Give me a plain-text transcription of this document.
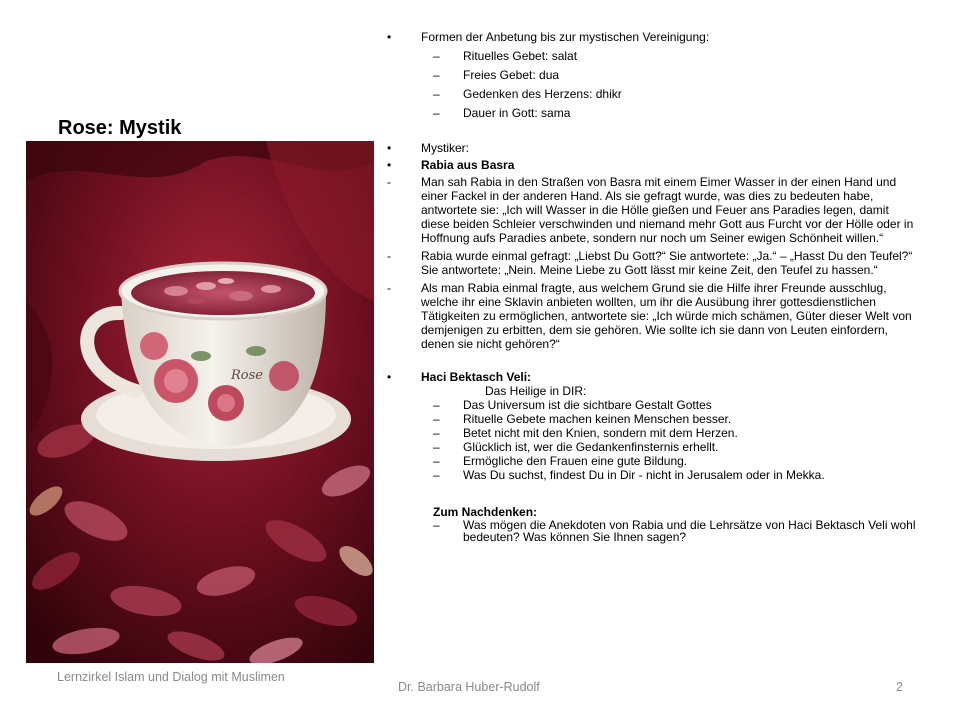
Rose: Mystik
Rose
• Formen der Anbetung bis zur mystischen Vereinigung:
– Rituelles Gebet: salat
– Freies Gebet: dua
– Gedenken des Herzens: dhikr
– Dauer in Gott: sama
• Mystiker:
• Rabia aus Basra
-	Man sah Rabia in den Straßen von Basra mit einem Eimer Wasser in der einen Hand und einer Fackel in der anderen Hand. Als sie gefragt wurde, was dies zu bedeuten habe, antwortete sie: „Ich will Wasser in die Hölle gießen und Feuer ans Paradies legen, damit diese beiden Schleier verschwinden und niemand mehr Gott aus Furcht vor der Hölle oder in Hoffnung aufs Paradies anbete, sondern nur noch um Seiner ewigen Schönheit willen.“
-	Rabia wurde einmal gefragt: „Liebst Du Gott?“ Sie antwortete: „Ja.“ – „Hasst Du den Teufel?“ Sie antwortete: „Nein. Meine Liebe zu Gott lässt mir keine Zeit, den Teufel zu hassen.“
-	Als man Rabia einmal fragte, aus welchem Grund sie die Hilfe ihrer Freunde ausschlug, welche ihr eine Sklavin anbieten wollten, um ihr die Ausübung ihrer gottesdienstlichen Tätigkeiten zu ermöglichen, antwortete sie: „Ich würde mich schämen, Güter dieser Welt von demjenigen zu erbitten, dem sie gehören. Wie sollte ich sie dann von Leuten einfordern, denen sie nicht gehören?“
• Haci Bektasch Veli:
Das Heilige in DIR:
– Das Universum ist die sichtbare Gestalt Gottes
– Rituelle Gebete machen keinen Menschen besser.
– Betet nicht mit den Knien, sondern mit dem Herzen.
– Glücklich ist, wer die Gedankenfinsternis erhellt.
– Ermögliche den Frauen eine gute Bildung.
– Was Du suchst, findest Du in Dir - nicht in Jerusalem oder in Mekka.
Zum Nachdenken:
– Was mögen die Anekdoten von Rabia und die Lehrsätze von Haci Bektasch Veli wohl bedeuten? Was können Sie Ihnen sagen?
Lernzirkel Islam und Dialog mit Muslimen
Dr. Barbara Huber-Rudolf	2
